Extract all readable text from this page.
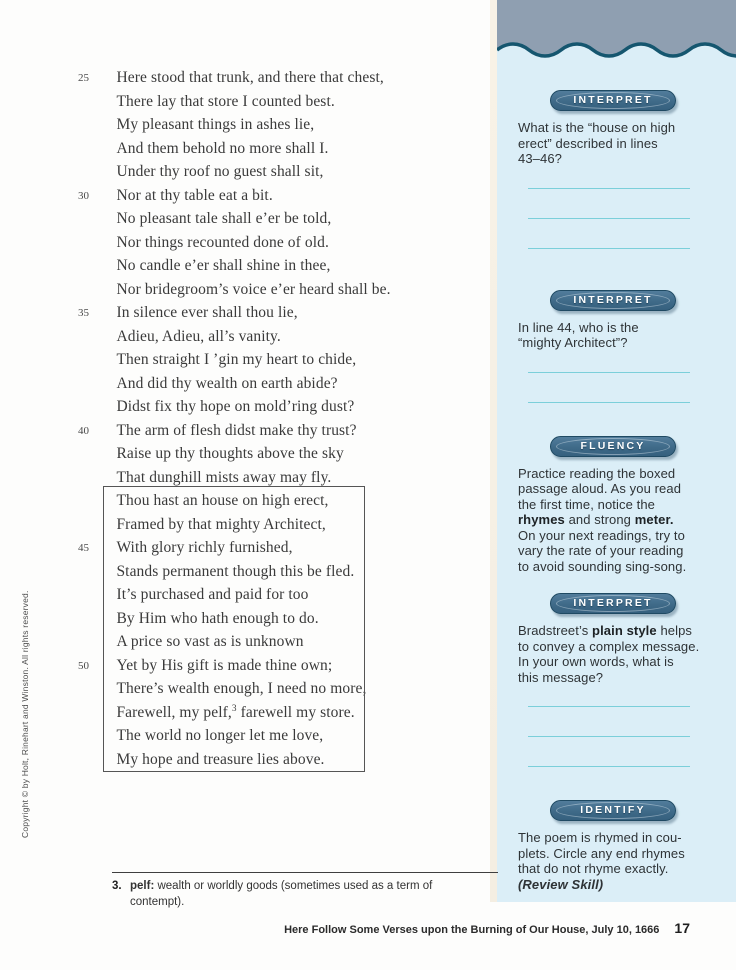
Copyright © by Holt, Rinehart and Winston. All rights reserved.
25 Here stood that trunk, and there that chest,
There lay that store I counted best.
My pleasant things in ashes lie,
And them behold no more shall I.
Under thy roof no guest shall sit,
30 Nor at thy table eat a bit.
No pleasant tale shall e’er be told,
Nor things recounted done of old.
No candle e’er shall shine in thee,
Nor bridegroom’s voice e’er heard shall be.
35 In silence ever shall thou lie,
Adieu, Adieu, all’s vanity.
Then straight I ’gin my heart to chide,
And did thy wealth on earth abide?
Didst fix thy hope on mold’ring dust?
40 The arm of flesh didst make thy trust?
Raise up thy thoughts above the sky
That dunghill mists away may fly.
Thou hast an house on high erect,
Framed by that mighty Architect,
45 With glory richly furnished,
Stands permanent though this be fled.
It’s purchased and paid for too
By Him who hath enough to do.
A price so vast as is unknown
50 Yet by His gift is made thine own;
There’s wealth enough, I need no more,
Farewell, my pelf,$^3$ farewell my store.
The world no longer let me love,
My hope and treasure lies above.
INTERPRET
What is the “house on high
erect” described in lines
43–46?
INTERPRET
In line 44, who is the
“mighty Architect”?
FLUENCY
Practice reading the boxed
passage aloud. As you read
the first time, notice the
rhymes and strong meter.
On your next readings, try to
vary the rate of your reading
to avoid sounding sing-song.
INTERPRET
Bradstreet’s plain style helps
to convey a complex message.
In your own words, what is
this message?
IDENTIFY
The poem is rhymed in cou-
plets. Circle any end rhymes
that do not rhyme exactly.
(Review Skill)
3. pelf: wealth or worldly goods (sometimes used as a term of
contempt).
Here Follow Some Verses upon the Burning of Our House, July 10, 1666 17
